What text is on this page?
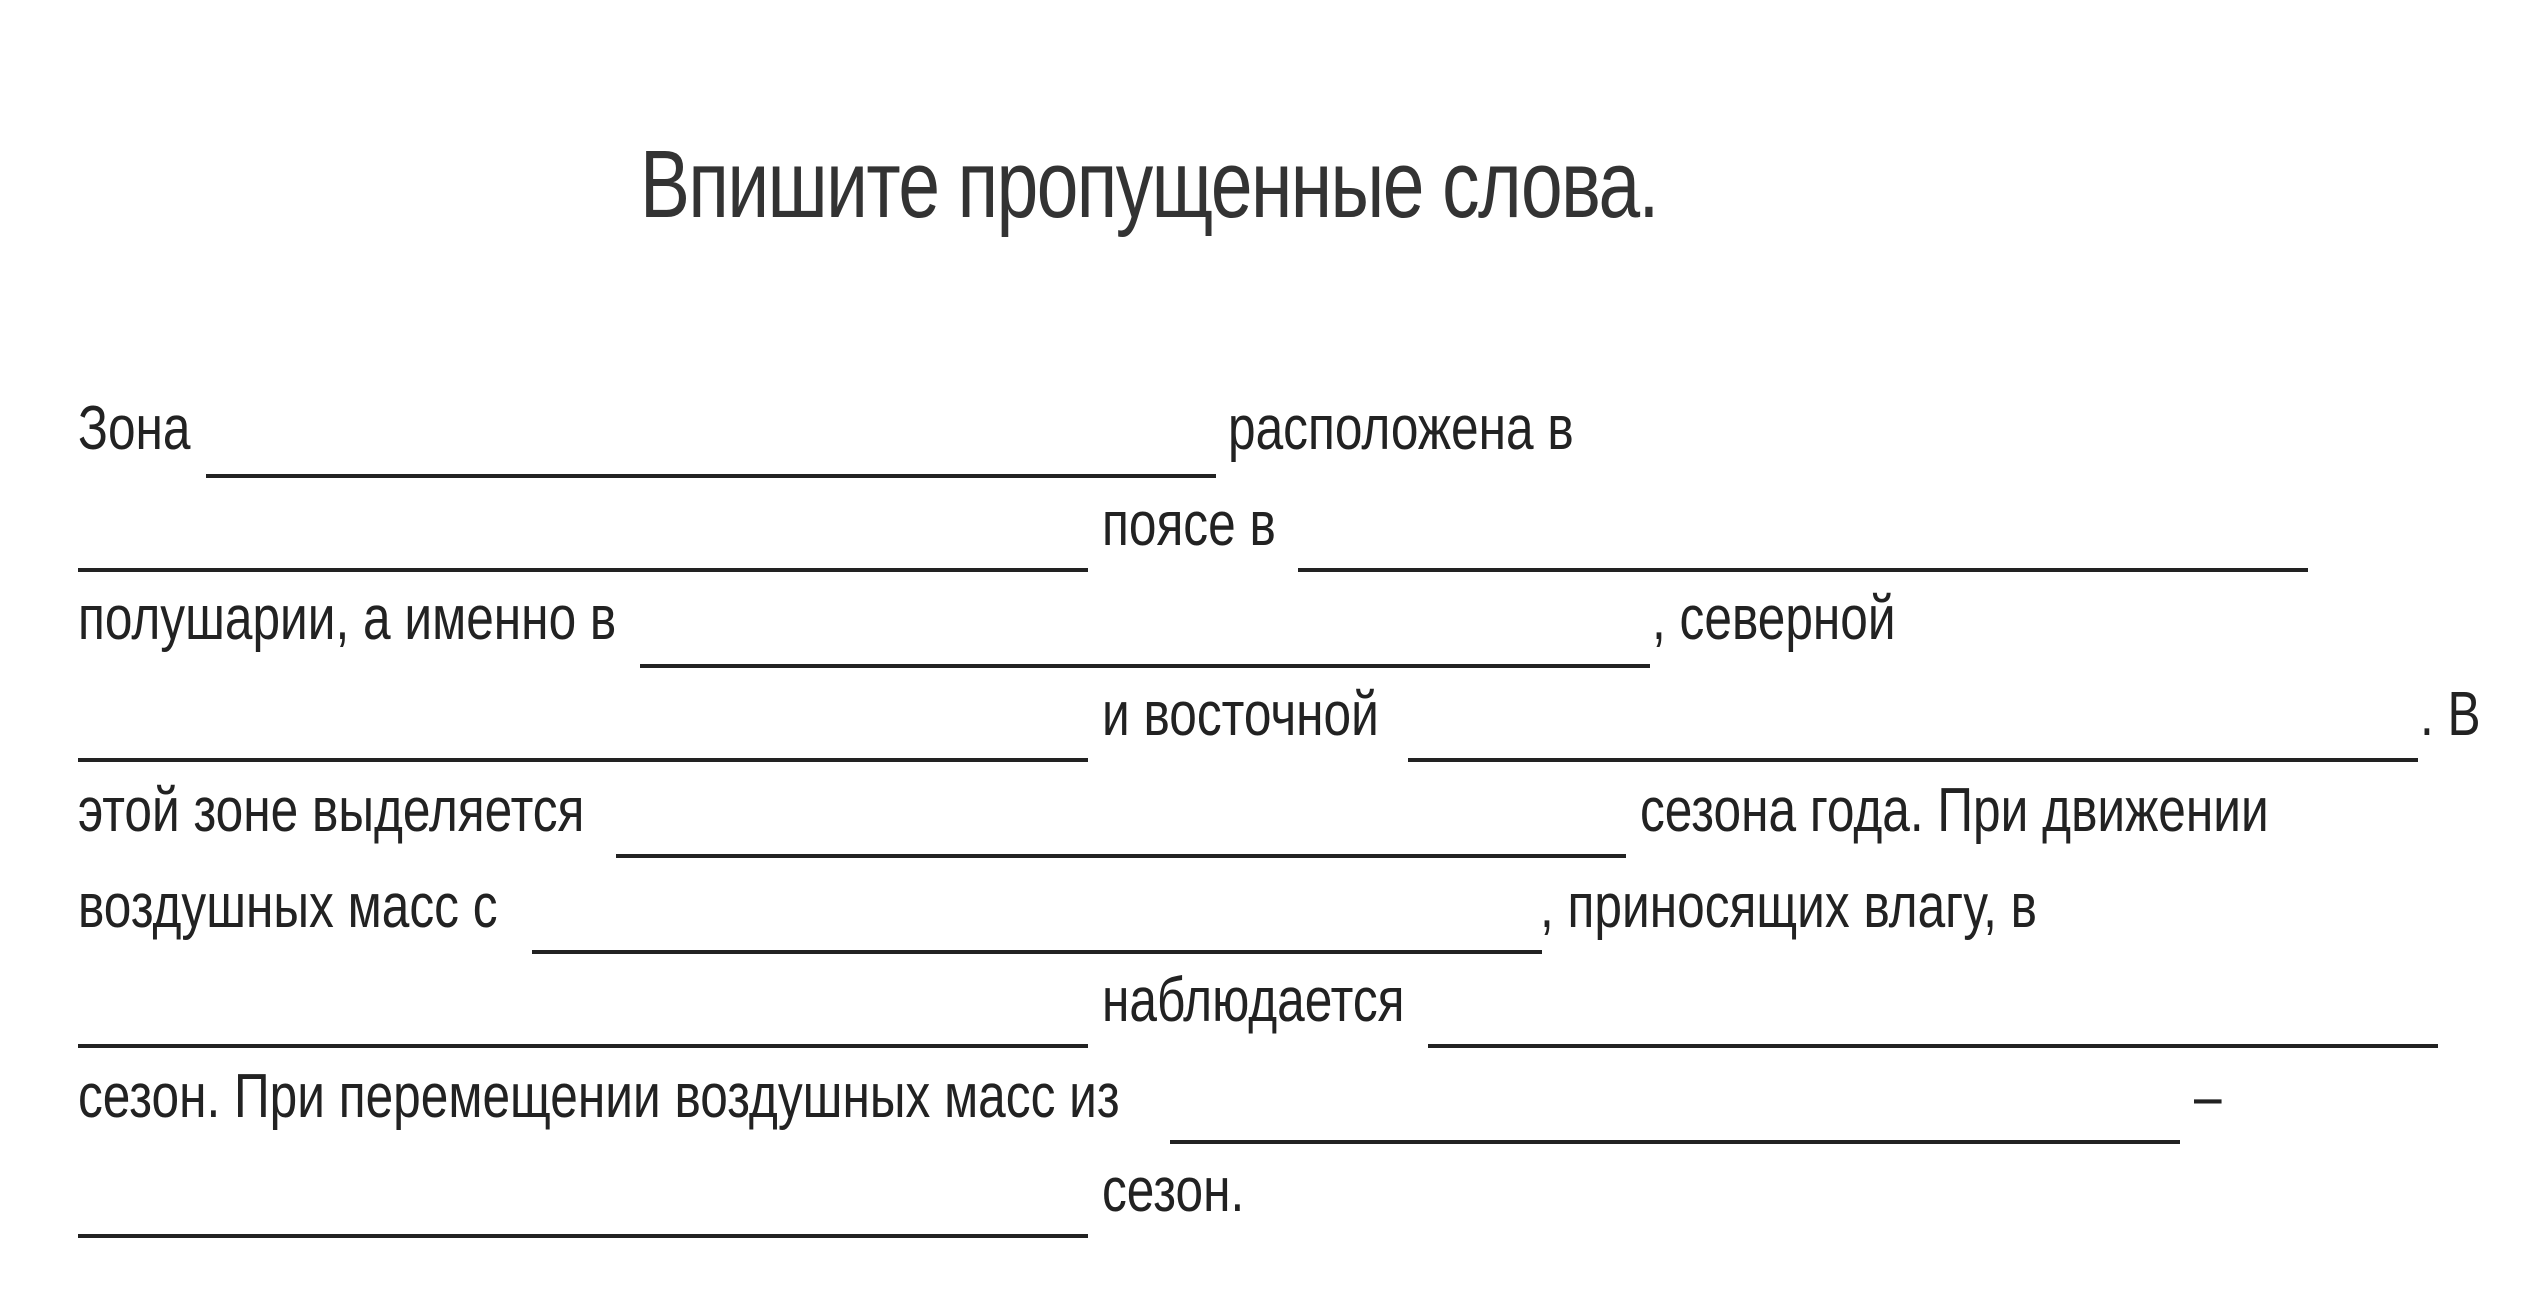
Впишите пропущенные слова.
Зона	расположена в
поясе в
полушарии, а именно в	, северной
и восточной	. В
этой зоне выделяется	сезона года. При движении
воздушных масс с	, приносящих влагу, в
наблюдается
сезон. При перемещении воздушных масс из	–
сезон.
